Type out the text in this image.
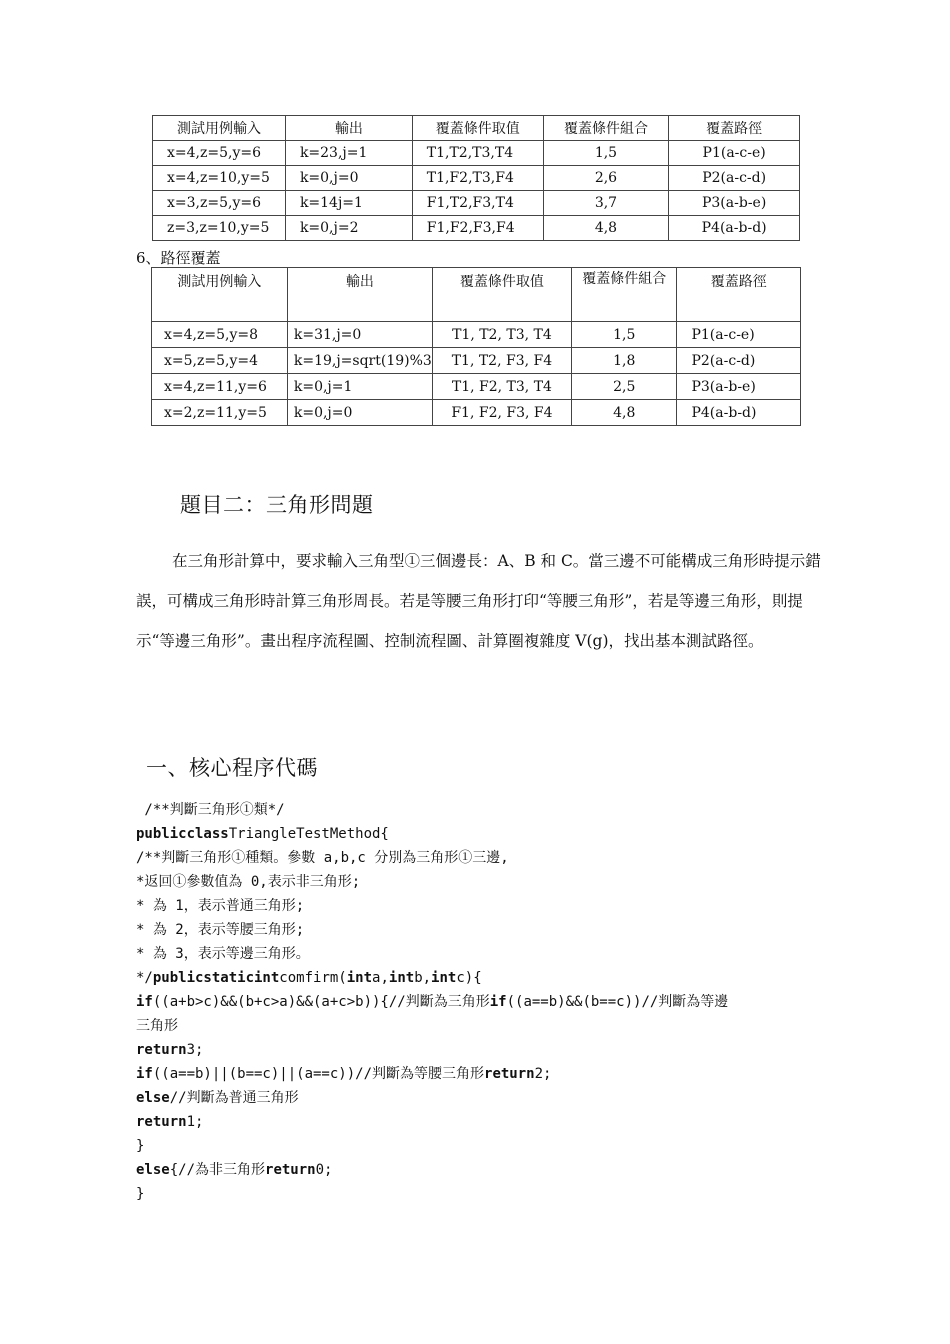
測試用例輸入	輸出	覆蓋條件取值	覆蓋條件組合	覆蓋路徑
x=4,z=5,y=6	k=23,j=1	T1,T2,T3,T4	1,5	P1(a-c-e)
x=4,z=10,y=5	k=0,j=0	T1,F2,T3,F4	2,6	P2(a-c-d)
x=3,z=5,y=6	k=14j=1	F1,T2,F3,T4	3,7	P3(a-b-e)
z=3,z=10,y=5	k=0,j=2	F1,F2,F3,F4	4,8	P4(a-b-d)
6、路徑覆蓋
測試用例輸入	輸出	覆蓋條件取值	覆蓋條件組合	覆蓋路徑
x=4,z=5,y=8	k=31,j=0	T1, T2, T3, T4	1,5	P1(a-c-e)
x=5,z=5,y=4	k=19,j=sqrt(19)%3	T1, T2, F3, F4	1,8	P2(a-c-d)
x=4,z=11,y=6	k=0,j=1	T1, F2, T3, T4	2,5	P3(a-b-e)
x=2,z=11,y=5	k=0,j=0	F1, F2, F3, F4	4,8	P4(a-b-d)
題目二：三角形問題
在三角形計算中，要求輸入三角型①三個邊長：A、B 和 C。當三邊不可能構成三角形時提示錯誤，可構成三角形時計算三角形周長。若是等腰三角形打印“等腰三角形”，若是等邊三角形，則提示“等邊三角形”。畫出程序流程圖、控制流程圖、計算圈複雜度 V(g)，找出基本測試路徑。
一、核心程序代碼
/**判斷三角形①類*/
publicclassTriangleTestMethod{
/**判斷三角形①種類。參數 a,b,c 分別為三角形①三邊,
*返回①參數值為 0,表示非三角形;
* 為 1，表示普通三角形;
* 為 2，表示等腰三角形;
* 為 3，表示等邊三角形。
*/publicstaticintcomfirm(inta,intb,intc){
if((a+b>c)&&(b+c>a)&&(a+c>b)){//判斷為三角形if((a==b)&&(b==c))//判斷為等邊
三角形
return3;
if((a==b)||(b==c)||(a==c))//判斷為等腰三角形return2;
else//判斷為普通三角形
return1;
}
else{//為非三角形return0;
}
